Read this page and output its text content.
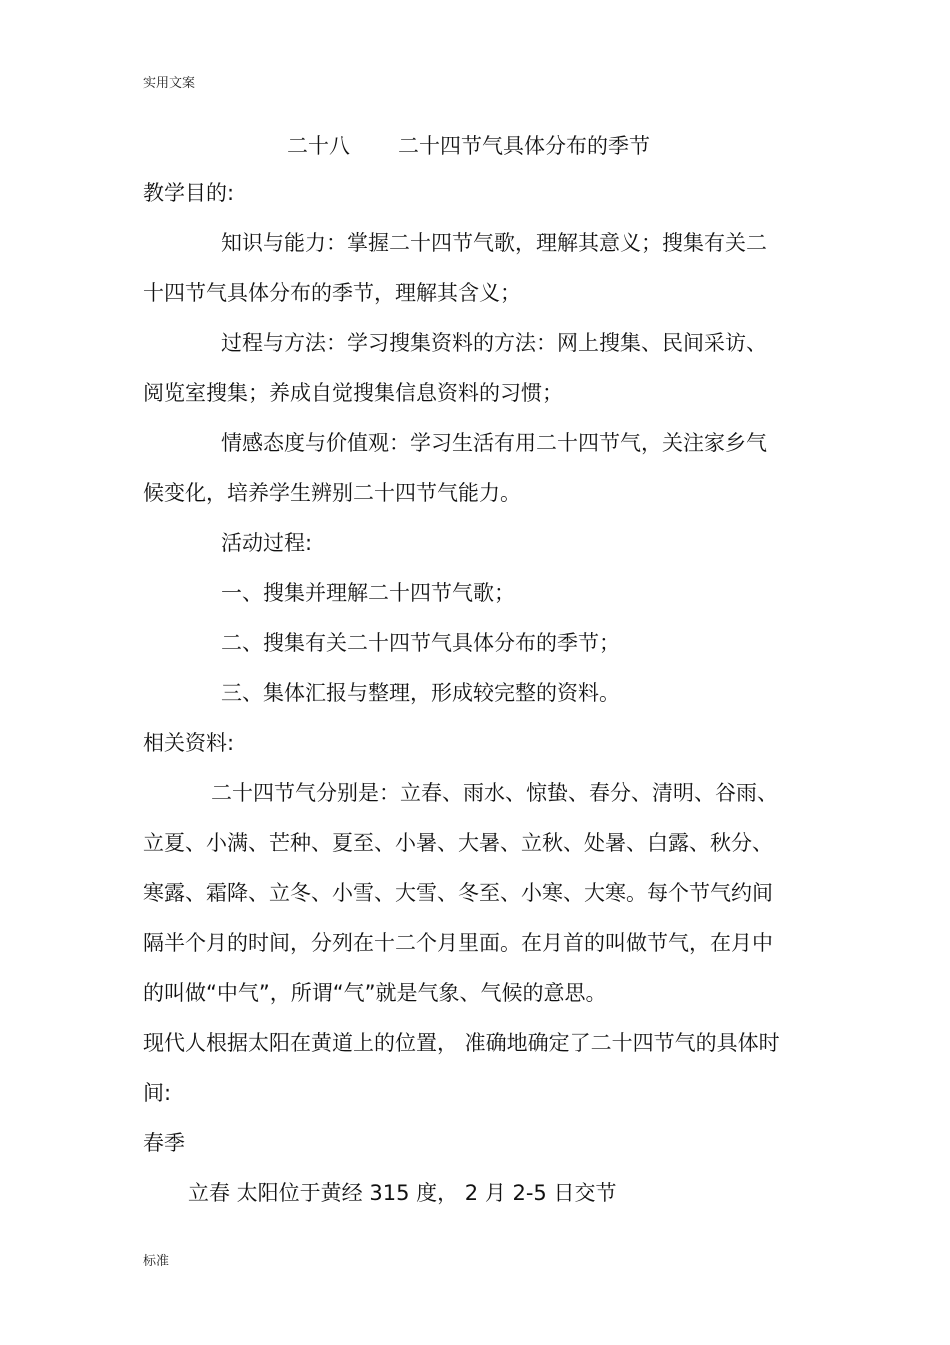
实用文案
二十八 二十四节气具体分布的季节
教学目的:
知识与能力：掌握二十四节气歌，理解其意义；搜集有关二
十四节气具体分布的季节，理解其含义；
过程与方法：学习搜集资料的方法：网上搜集、民间采访、
阅览室搜集；养成自觉搜集信息资料的习惯；
情感态度与价值观：学习生活有用二十四节气，关注家乡气
候变化，培养学生辨别二十四节气能力。
活动过程:
一、搜集并理解二十四节气歌；
二、搜集有关二十四节气具体分布的季节；
三、集体汇报与整理，形成较完整的资料。
相关资料:
二十四节气分别是：立春、雨水、惊蛰、春分、清明、谷雨、
立夏、小满、芒种、夏至、小暑、大暑、立秋、处暑、白露、秋分、
寒露、霜降、立冬、小雪、大雪、冬至、小寒、大寒。每个节气约间
隔半个月的时间，分列在十二个月里面。在月首的叫做节气，在月中
的叫做“中气”，所谓“气”就是气象、气候的意思。
现代人根据太阳在黄道上的位置， 准确地确定了二十四节气的具体时
间:
春季
立春 太阳位于黄经 315 度， 2 月 2-5 日交节
标准
